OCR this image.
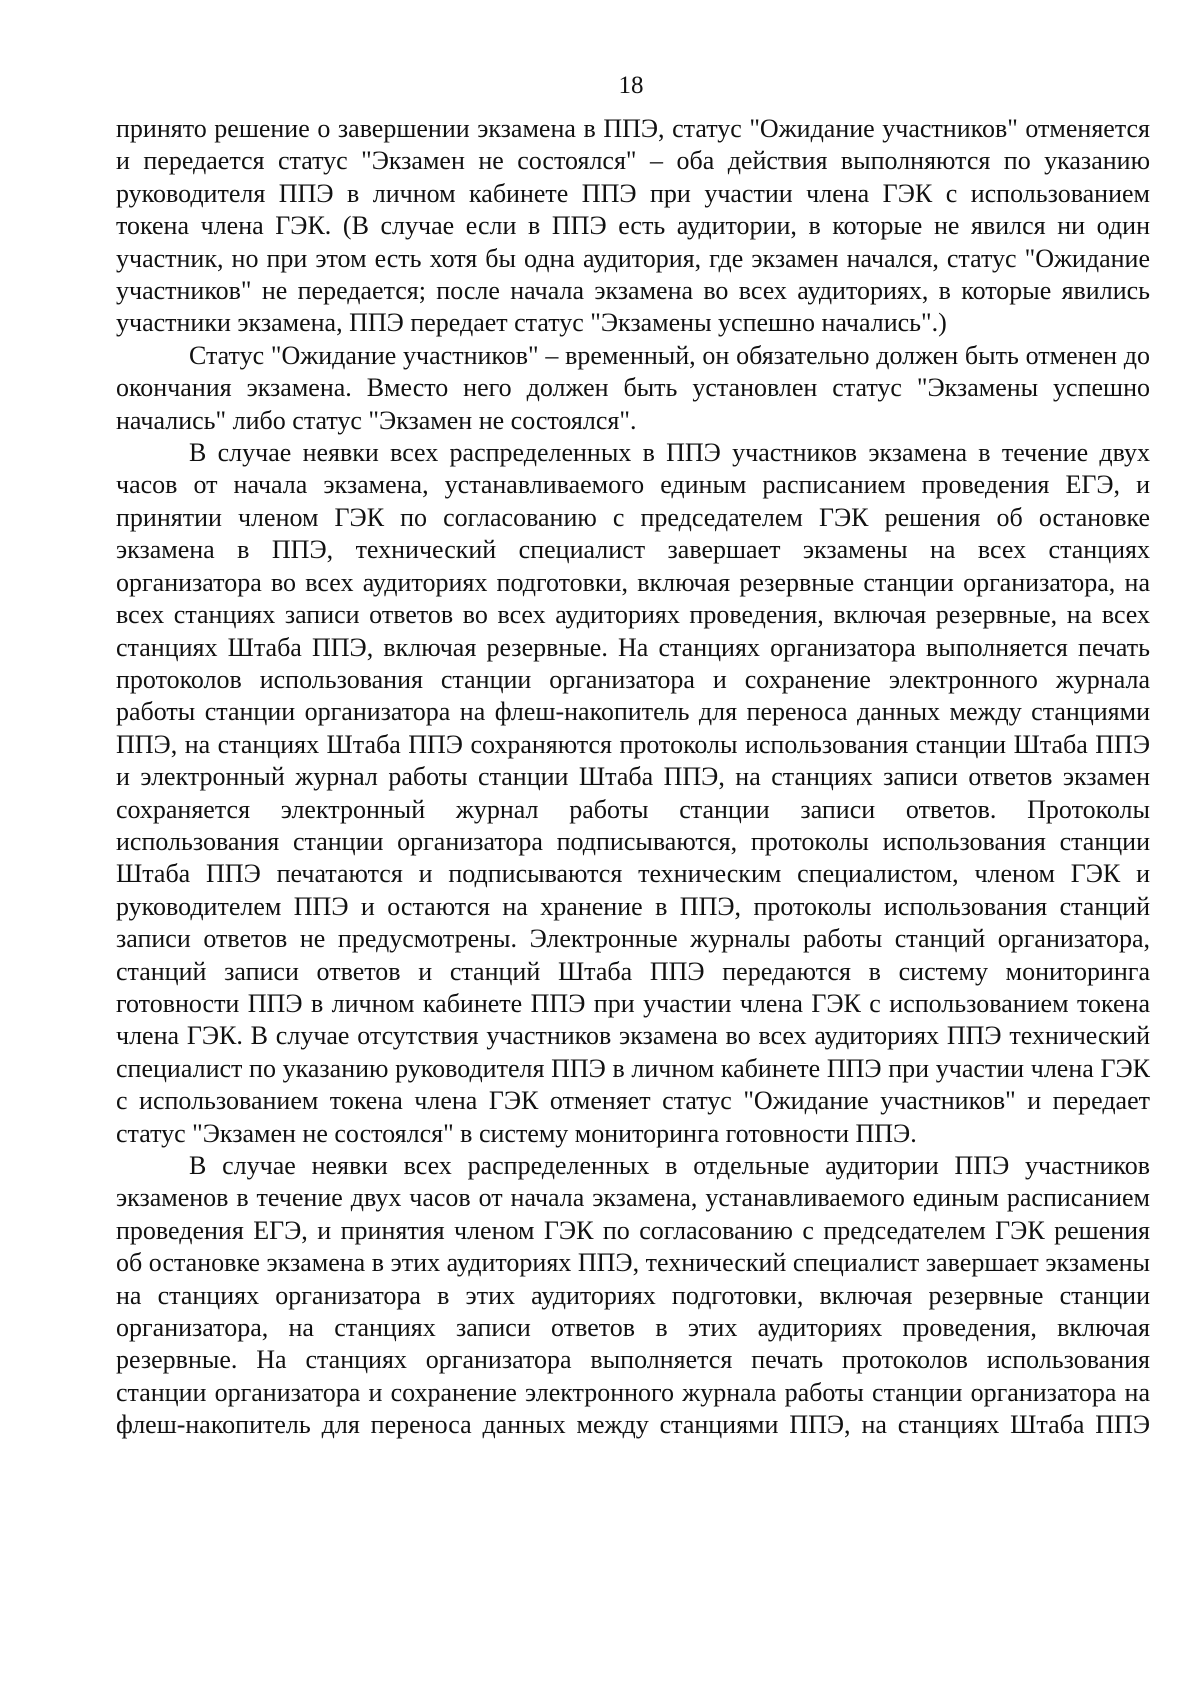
18

принято решение о завершении экзамена в ППЭ, статус "Ожидание участников" отменяется и передается статус "Экзамен не состоялся" – оба действия выполняются по указанию руководителя ППЭ в личном кабинете ППЭ при участии члена ГЭК с использованием токена члена ГЭК. (В случае если в ППЭ есть аудитории, в которые не явился ни один участник, но при этом есть хотя бы одна аудитория, где экзамен начался, статус "Ожидание участников" не передается; после начала экзамена во всех аудиториях, в которые явились участники экзамена, ППЭ передает статус "Экзамены успешно начались".)

Статус "Ожидание участников" – временный, он обязательно должен быть отменен до окончания экзамена. Вместо него должен быть установлен статус "Экзамены успешно начались" либо статус "Экзамен не состоялся".

В случае неявки всех распределенных в ППЭ участников экзамена в течение двух часов от начала экзамена, устанавливаемого единым расписанием проведения ЕГЭ, и принятии членом ГЭК по согласованию с председателем ГЭК решения об остановке экзамена в ППЭ, технический специалист завершает экзамены на всех станциях организатора во всех аудиториях подготовки, включая резервные станции организатора, на всех станциях записи ответов во всех аудиториях проведения, включая резервные, на всех станциях Штаба ППЭ, включая резервные. На станциях организатора выполняется печать протоколов использования станции организатора и сохранение электронного журнала работы станции организатора на флеш-накопитель для переноса данных между станциями ППЭ, на станциях Штаба ППЭ сохраняются протоколы использования станции Штаба ППЭ и электронный журнал работы станции Штаба ППЭ, на станциях записи ответов экзамен сохраняется электронный журнал работы станции записи ответов. Протоколы использования станции организатора подписываются, протоколы использования станции Штаба ППЭ печатаются и подписываются техническим специалистом, членом ГЭК и руководителем ППЭ и остаются на хранение в ППЭ, протоколы использования станций записи ответов не предусмотрены. Электронные журналы работы станций организатора, станций записи ответов и станций Штаба ППЭ передаются в систему мониторинга готовности ППЭ в личном кабинете ППЭ при участии члена ГЭК с использованием токена члена ГЭК. В случае отсутствия участников экзамена во всех аудиториях ППЭ технический специалист по указанию руководителя ППЭ в личном кабинете ППЭ при участии члена ГЭК с использованием токена члена ГЭК отменяет статус "Ожидание участников" и передает статус "Экзамен не состоялся" в систему мониторинга готовности ППЭ.

В случае неявки всех распределенных в отдельные аудитории ППЭ участников экзаменов в течение двух часов от начала экзамена, устанавливаемого единым расписанием проведения ЕГЭ, и принятия членом ГЭК по согласованию с председателем ГЭК решения об остановке экзамена в этих аудиториях ППЭ, технический специалист завершает экзамены на станциях организатора в этих аудиториях подготовки, включая резервные станции организатора, на станциях записи ответов в этих аудиториях проведения, включая резервные. На станциях организатора выполняется печать протоколов использования станции организатора и сохранение электронного журнала работы станции организатора на флеш-накопитель для переноса данных между станциями ППЭ, на станциях Штаба ППЭ
